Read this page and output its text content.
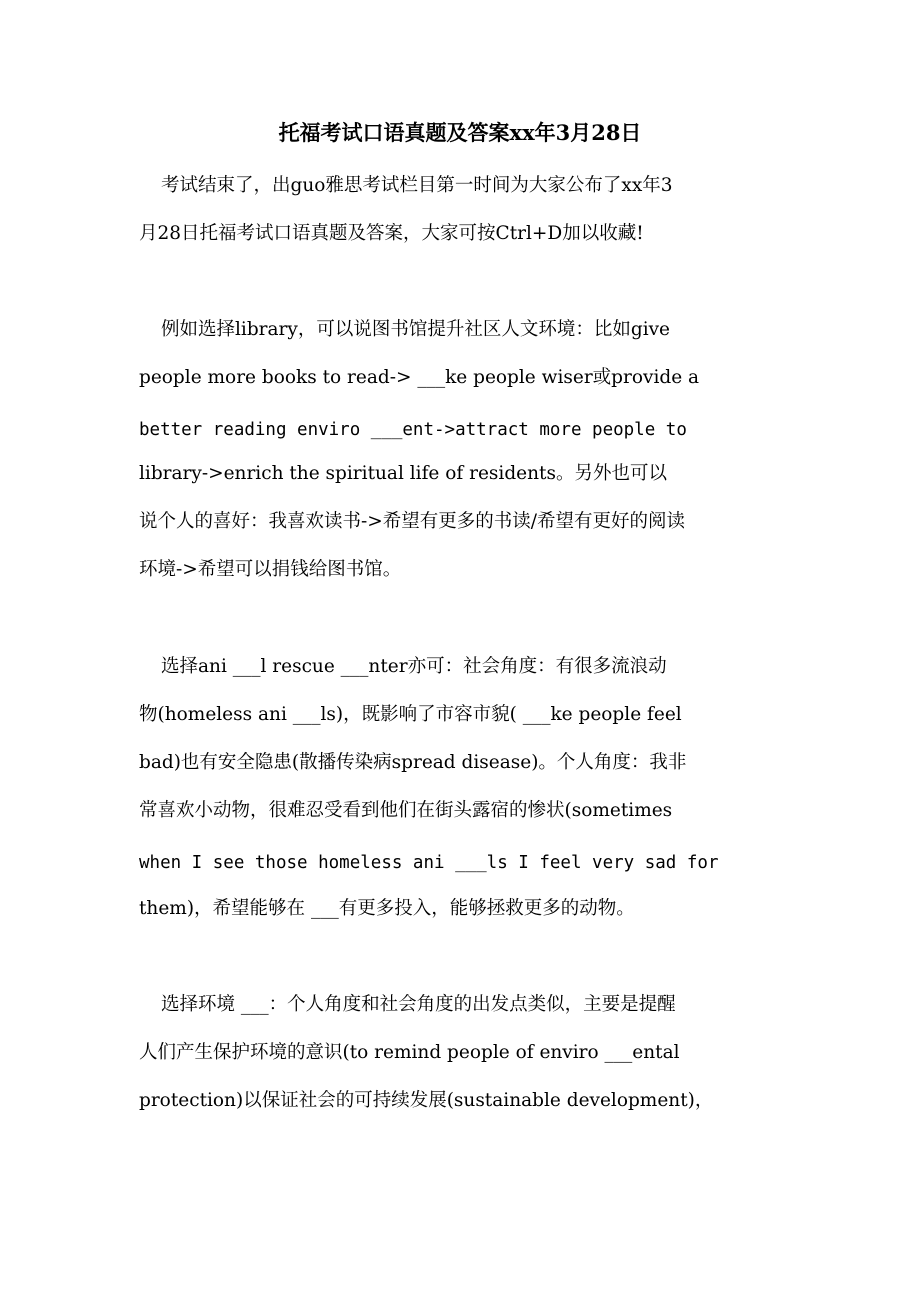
托福考试口语真题及答案xx年3月28日
考试结束了，出guo雅思考试栏目第一时间为大家公布了xx年3
月28日托福考试口语真题及答案，大家可按Ctrl+D加以收藏!
例如选择library，可以说图书馆提升社区人文环境：比如give
people more books to read-> ___ke people wiser或provide a
better reading enviro ___ent->attract more people to
library->enrich the spiritual life of residents。另外也可以
说个人的喜好：我喜欢读书->希望有更多的书读/希望有更好的阅读
环境->希望可以捐钱给图书馆。
选择ani ___l rescue ___nter亦可：社会角度：有很多流浪动
物(homeless ani ___ls)，既影响了市容市貌( ___ke people feel
bad)也有安全隐患(散播传染病spread disease)。个人角度：我非
常喜欢小动物，很难忍受看到他们在街头露宿的惨状(sometimes
when I see those homeless ani ___ls I feel very sad for
them)，希望能够在 ___有更多投入，能够拯救更多的动物。
选择环境 ___：个人角度和社会角度的出发点类似，主要是提醒
人们产生保护环境的意识(to remind people of enviro ___ental
protection)以保证社会的可持续发展(sustainable development)，
